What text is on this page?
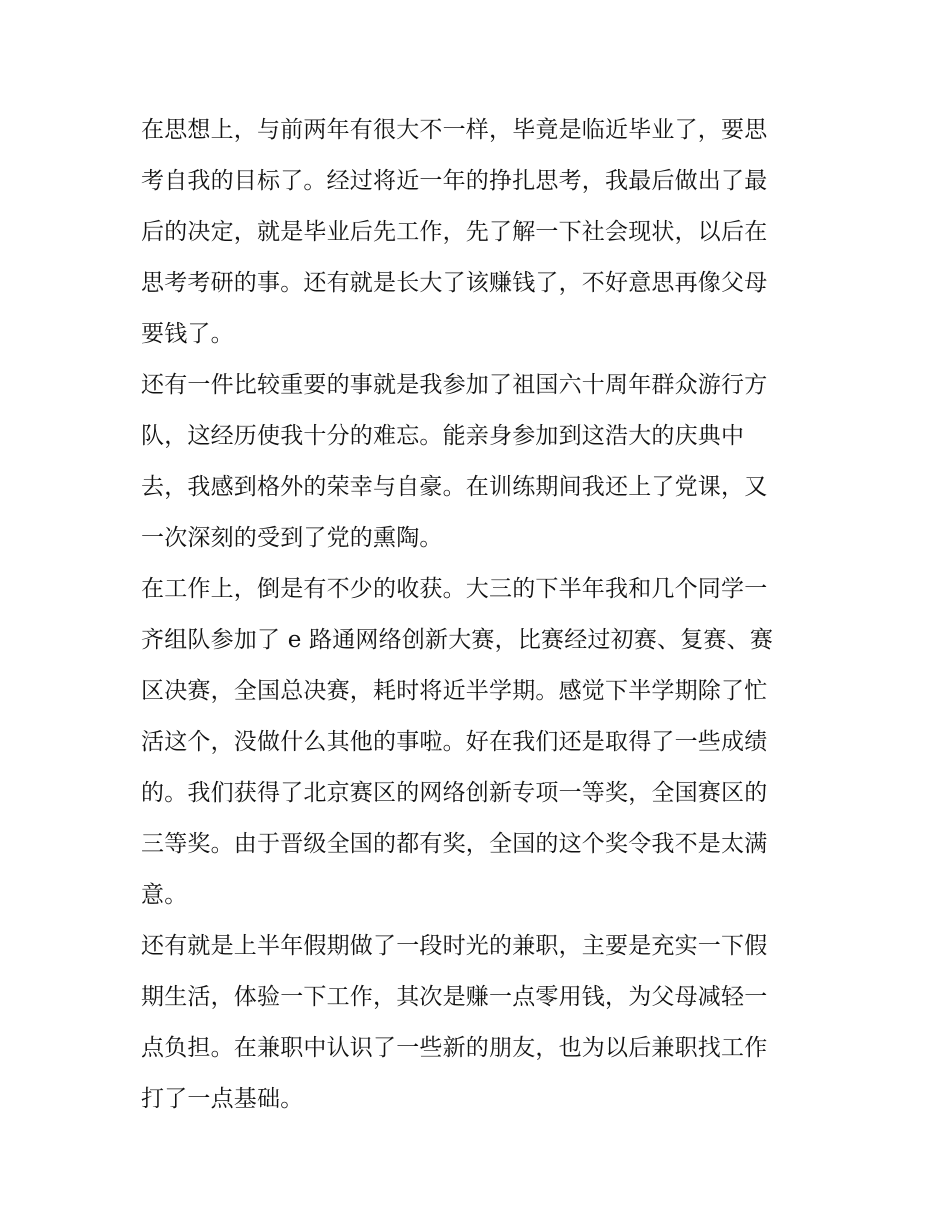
在思想上，与前两年有很大不一样，毕竟是临近毕业了，要思
考自我的目标了。经过将近一年的挣扎思考，我最后做出了最
后的决定，就是毕业后先工作，先了解一下社会现状，以后在
思考考研的事。还有就是长大了该赚钱了，不好意思再像父母
要钱了。
还有一件比较重要的事就是我参加了祖国六十周年群众游行方
队，这经历使我十分的难忘。能亲身参加到这浩大的庆典中
去，我感到格外的荣幸与自豪。在训练期间我还上了党课，又
一次深刻的受到了党的熏陶。
在工作上，倒是有不少的收获。大三的下半年我和几个同学一
齐组队参加了 e 路通网络创新大赛，比赛经过初赛、复赛、赛
区决赛，全国总决赛，耗时将近半学期。感觉下半学期除了忙
活这个，没做什么其他的事啦。好在我们还是取得了一些成绩
的。我们获得了北京赛区的网络创新专项一等奖，全国赛区的
三等奖。由于晋级全国的都有奖，全国的这个奖令我不是太满
意。
还有就是上半年假期做了一段时光的兼职，主要是充实一下假
期生活，体验一下工作，其次是赚一点零用钱，为父母减轻一
点负担。在兼职中认识了一些新的朋友，也为以后兼职找工作
打了一点基础。
